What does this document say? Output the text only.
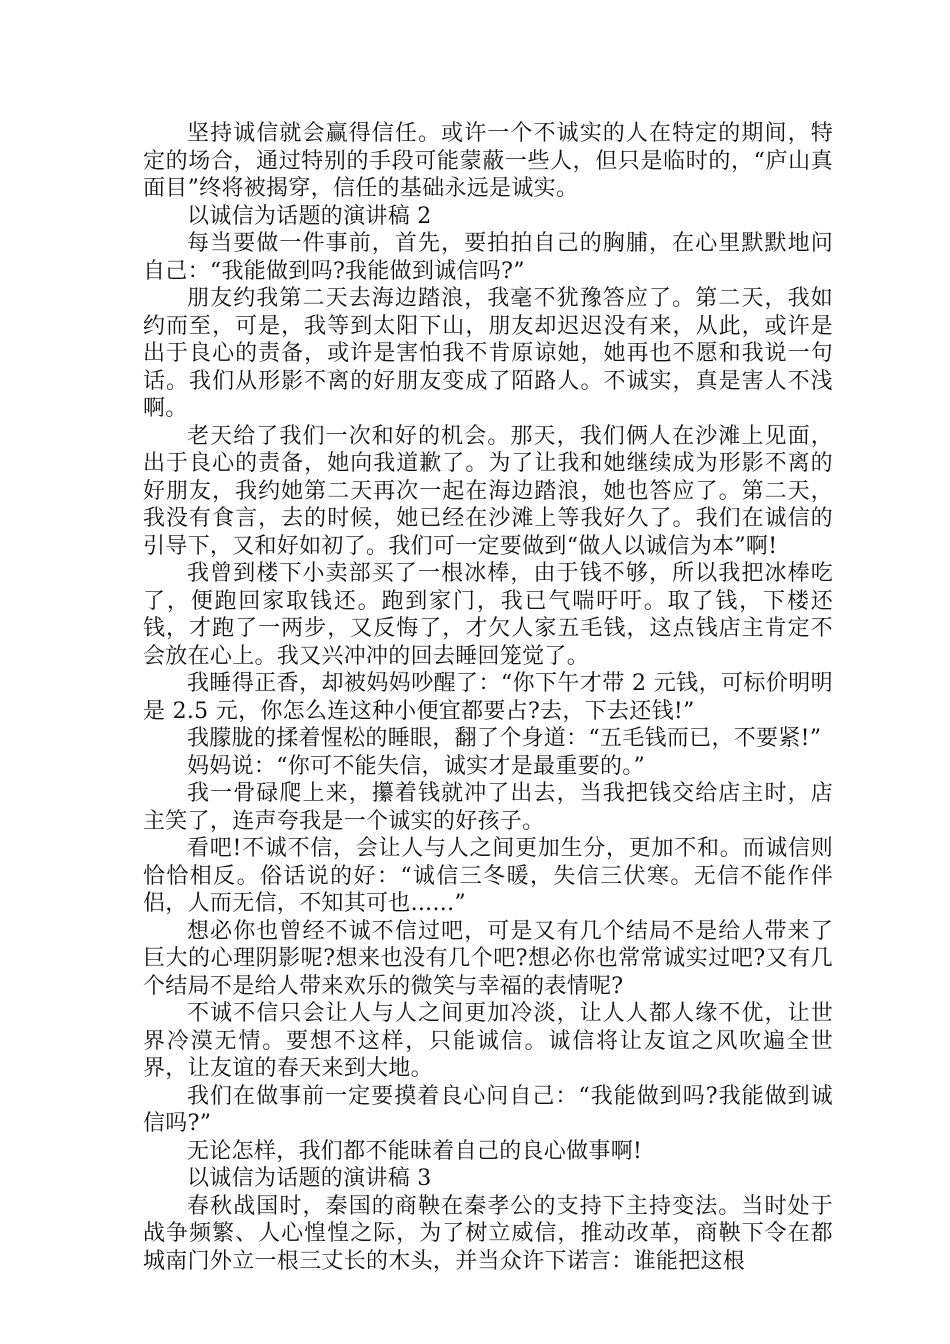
坚持诚信就会赢得信任。或许一个不诚实的人在特定的期间，特定的场合，通过特别的手段可能蒙蔽一些人，但只是临时的，“庐山真面目”终将被揭穿，信任的基础永远是诚实。

以诚信为话题的演讲稿 2

每当要做一件事前，首先，要拍拍自己的胸脯，在心里默默地问自己：“我能做到吗?我能做到诚信吗?”

朋友约我第二天去海边踏浪，我毫不犹豫答应了。第二天，我如约而至，可是，我等到太阳下山，朋友却迟迟没有来，从此，或许是出于良心的责备，或许是害怕我不肯原谅她，她再也不愿和我说一句话。我们从形影不离的好朋友变成了陌路人。不诚实，真是害人不浅啊。

老天给了我们一次和好的机会。那天，我们俩人在沙滩上见面，出于良心的责备，她向我道歉了。为了让我和她继续成为形影不离的好朋友，我约她第二天再次一起在海边踏浪，她也答应了。第二天，我没有食言，去的时候，她已经在沙滩上等我好久了。我们在诚信的引导下，又和好如初了。我们可一定要做到“做人以诚信为本”啊!

我曾到楼下小卖部买了一根冰棒，由于钱不够，所以我把冰棒吃了，便跑回家取钱还。跑到家门，我已气喘吁吁。取了钱，下楼还钱，才跑了一两步，又反悔了，才欠人家五毛钱，这点钱店主肯定不会放在心上。我又兴冲冲的回去睡回笼觉了。

我睡得正香，却被妈妈吵醒了：“你下午才带 2 元钱，可标价明明是 2.5 元，你怎么连这种小便宜都要占?去，下去还钱!”

我朦胧的揉着惺松的睡眼，翻了个身道：“五毛钱而已，不要紧!”

妈妈说：“你可不能失信，诚实才是最重要的。”

我一骨碌爬上来，攥着钱就冲了出去，当我把钱交给店主时，店主笑了，连声夸我是一个诚实的好孩子。

看吧!不诚不信，会让人与人之间更加生分，更加不和。而诚信则恰恰相反。俗话说的好：“诚信三冬暖，失信三伏寒。无信不能作伴侣，人而无信，不知其可也......”

想必你也曾经不诚不信过吧，可是又有几个结局不是给人带来了巨大的心理阴影呢?想来也没有几个吧?想必你也常常诚实过吧?又有几个结局不是给人带来欢乐的微笑与幸福的表情呢?

不诚不信只会让人与人之间更加冷淡，让人人都人缘不优，让世界冷漠无情。要想不这样，只能诚信。诚信将让友谊之风吹遍全世界，让友谊的春天来到大地。

我们在做事前一定要摸着良心问自己：“我能做到吗?我能做到诚信吗?”

无论怎样，我们都不能昧着自己的良心做事啊!

以诚信为话题的演讲稿 3

春秋战国时，秦国的商鞅在秦孝公的支持下主持变法。当时处于战争频繁、人心惶惶之际，为了树立威信，推动改革，商鞅下令在都城南门外立一根三丈长的木头，并当众许下诺言：谁能把这根
